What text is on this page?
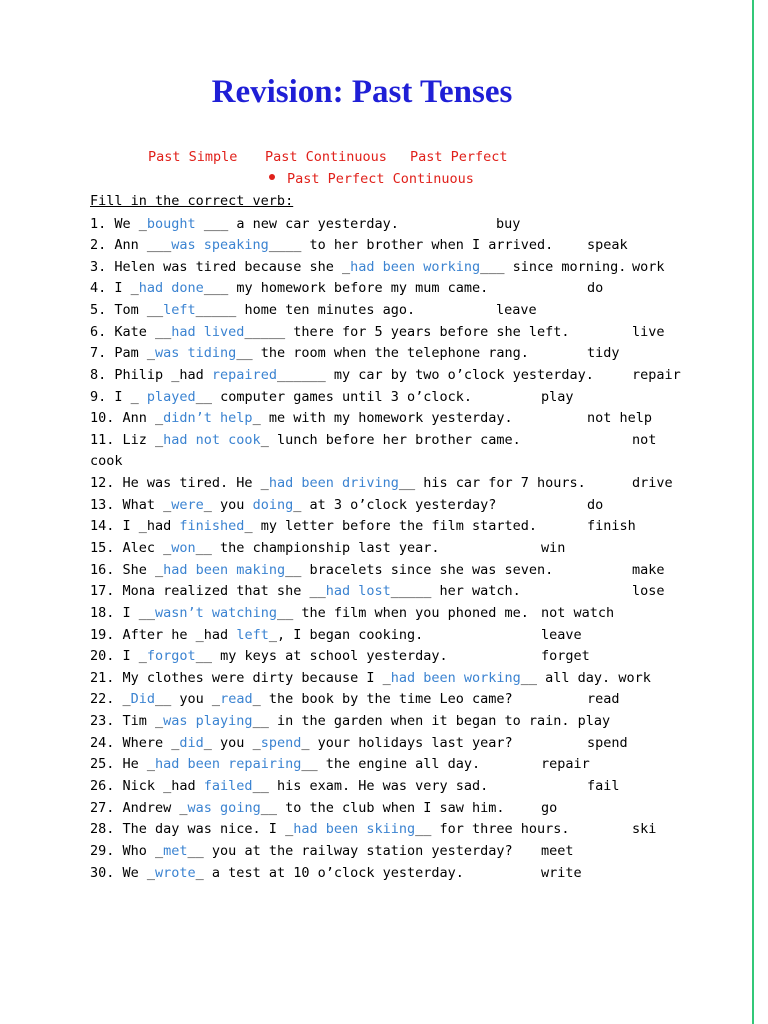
Revision: Past Tenses
Past Simple Past Continuous Past Perfect
Past Perfect Continuous
Fill in the correct verb:
1. We _bought ___ a new car yesterday.	buy
2. Ann ___was speaking____ to her brother when I arrived. speak
3. Helen was tired because she _had been working___ since morning. work
4. I _had done___ my homework before my mum came.	do
5. Tom __left_____ home ten minutes ago.	leave
6. Kate __had lived_____ there for 5 years before she left.	live
7. Pam _was tiding__ the room when the telephone rang.	tidy
8. Philip _had repaired______ my car by two o’clock yesterday.	repair
9. I _ played__ computer games until 3 o’clock.	play
10. Ann _didn’t help_ me with my homework yesterday.	not help
11. Liz _had not cook_ lunch before her brother came.	not
cook
12. He was tired. He _had been driving__ his car for 7 hours.	drive
13. What _were_ you doing_ at 3 o’clock yesterday?	do
14. I _had finished_ my letter before the film started.	finish
15. Alec _won__ the championship last year.	win
16. She _had been making__ bracelets since she was seven.	make
17. Mona realized that she __had lost_____ her watch.	lose
18. I __wasn’t watching__ the film when you phoned me. not watch
19. After he _had left_, I began cooking.	leave
20. I _forgot__ my keys at school yesterday.	forget
21. My clothes were dirty because I _had been working__ all day. work
22. _Did__ you _read_ the book by the time Leo came?	read
23. Tim _was playing__ in the garden when it began to rain. play
24. Where _did_ you _spend_ your holidays last year?	spend
25. He _had been repairing__ the engine all day.	repair
26. Nick _had failed__ his exam. He was very sad.	fail
27. Andrew _was going__ to the club when I saw him.	go
28. The day was nice. I _had been skiing__ for three hours.	ski
29. Who _met__ you at the railway station yesterday? meet
30. We _wrote_ a test at 10 o’clock yesterday.	write
